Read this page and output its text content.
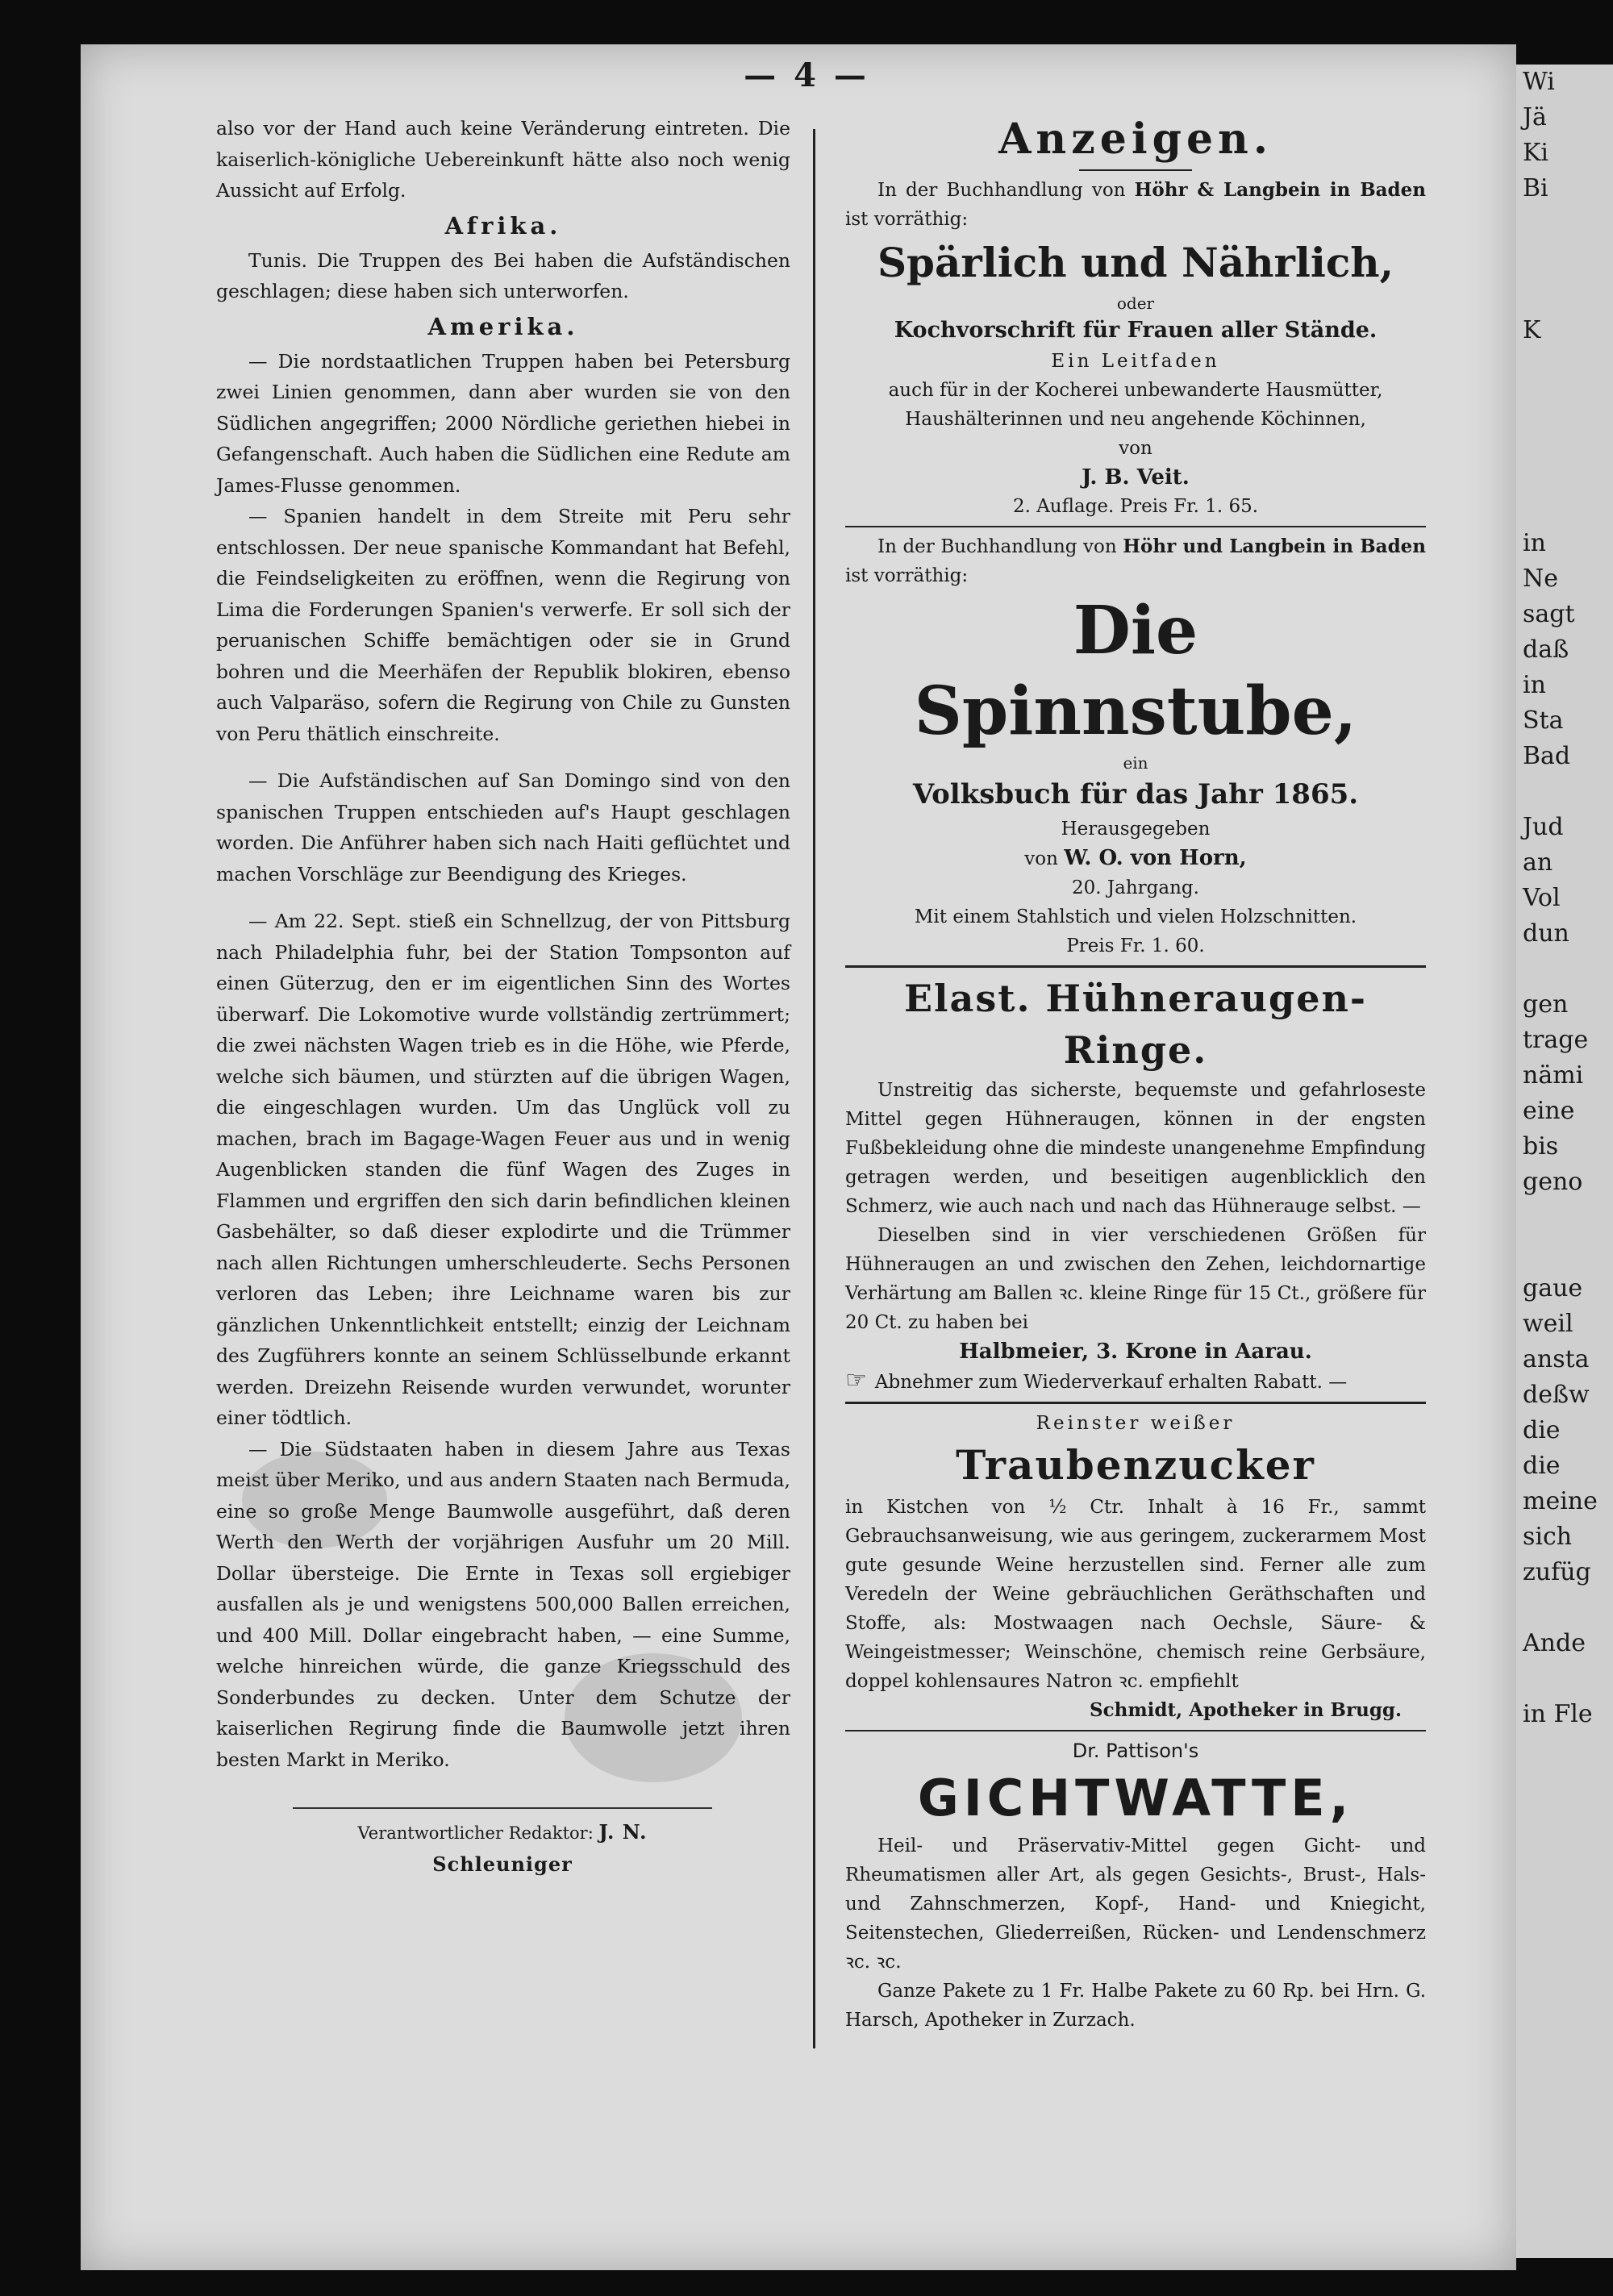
Wi
Jä
Ki
Bi

K

in
Ne
sagt
daß
in
Sta
Bad

Jud
an
Vol
dun

gen
trage
nämi
eine
bis
geno

gaue
weil
ansta
deßw
die
die
meine
sich
zufüg

Ande

in Fle
— 4 —

also vor der Hand auch keine Veränderung eintreten. Die kaiserlich-königliche Uebereinkunft hätte also noch wenig Aussicht auf Erfolg.

Afrika.

Tunis. Die Truppen des Bei haben die Aufständischen geschlagen; diese haben sich unterworfen.

Amerika.

— Die nordstaatlichen Truppen haben bei Petersburg zwei Linien genommen, dann aber wurden sie von den Südlichen angegriffen; 2000 Nördliche geriethen hiebei in Gefangenschaft. Auch haben die Südlichen eine Redute am James-Flusse genommen.

— Spanien handelt in dem Streite mit Peru sehr entschlossen. Der neue spanische Kommandant hat Befehl, die Feindseligkeiten zu eröffnen, wenn die Regirung von Lima die Forderungen Spanien's verwerfe. Er soll sich der peruanischen Schiffe bemächtigen oder sie in Grund bohren und die Meerhäfen der Republik blokiren, ebenso auch Valparäso, sofern die Regirung von Chile zu Gunsten von Peru thätlich einschreite.

— Die Aufständischen auf San Domingo sind von den spanischen Truppen entschieden auf's Haupt geschlagen worden. Die Anführer haben sich nach Haiti geflüchtet und machen Vorschläge zur Beendigung des Krieges.

— Am 22. Sept. stieß ein Schnellzug, der von Pittsburg nach Philadelphia fuhr, bei der Station Tompsonton auf einen Güterzug, den er im eigentlichen Sinn des Wortes überwarf. Die Lokomotive wurde vollständig zertrümmert; die zwei nächsten Wagen trieb es in die Höhe, wie Pferde, welche sich bäumen, und stürzten auf die übrigen Wagen, die eingeschlagen wurden. Um das Unglück voll zu machen, brach im Bagage-Wagen Feuer aus und in wenig Augenblicken standen die fünf Wagen des Zuges in Flammen und ergriffen den sich darin befindlichen kleinen Gasbehälter, so daß dieser explodirte und die Trümmer nach allen Richtungen umherschleuderte. Sechs Personen verloren das Leben; ihre Leichname waren bis zur gänzlichen Unkenntlichkeit entstellt; einzig der Leichnam des Zugführers konnte an seinem Schlüsselbunde erkannt werden. Dreizehn Reisende wurden verwundet, worunter einer tödtlich.

— Die Südstaaten haben in diesem Jahre aus Texas meist über Meriko, und aus andern Staaten nach Bermuda, eine so große Menge Baumwolle ausgeführt, daß deren Werth den Werth der vorjährigen Ausfuhr um 20 Mill. Dollar übersteige. Die Ernte in Texas soll ergiebiger ausfallen als je und wenigstens 500,000 Ballen erreichen, und 400 Mill. Dollar eingebracht haben, — eine Summe, welche hinreichen würde, die ganze Kriegsschuld des Sonderbundes zu decken. Unter dem Schutze der kaiserlichen Regirung finde die Baumwolle jetzt ihren besten Markt in Meriko.

Verantwortlicher Redaktor: J. N. Schleuniger
Anzeigen.
In der Buchhandlung von Höhr & Langbein in Baden ist vorräthig:
Spärlich und Nährlich,
oder
Kochvorschrift für Frauen aller Stände.
Ein Leitfaden
auch für in der Kocherei unbewanderte Hausmütter, Haushälterinnen und neu angehende Köchinnen,
von
J. B. Veit.
2. Auflage. Preis Fr. 1. 65.
In der Buchhandlung von Höhr und Langbein in Baden ist vorräthig:
Die Spinnstube,
ein
Volksbuch für das Jahr 1865.
Herausgegeben
von W. O. von Horn,
20. Jahrgang.
Mit einem Stahlstich und vielen Holzschnitten.
Preis Fr. 1. 60.
Elast. Hühneraugen-Ringe.
Unstreitig das sicherste, bequemste und gefahrloseste Mittel gegen Hühneraugen, können in der engsten Fußbekleidung ohne die mindeste unangenehme Empfindung getragen werden, und beseitigen augenblicklich den Schmerz, wie auch nach und nach das Hühnerauge selbst. —
Dieselben sind in vier verschiedenen Größen für Hühneraugen an und zwischen den Zehen, leichdornartige Verhärtung am Ballen ꝛc. kleine Ringe für 15 Ct., größere für 20 Ct. zu haben bei
Halbmeier, 3. Krone in Aarau.
☞ Abnehmer zum Wiederverkauf erhalten Rabatt. —
Reinster weißer
Traubenzucker
in Kistchen von ½ Ctr. Inhalt à 16 Fr., sammt Gebrauchsanweisung, wie aus geringem, zuckerarmem Most gute gesunde Weine herzustellen sind. Ferner alle zum Veredeln der Weine gebräuchlichen Geräthschaften und Stoffe, als: Mostwaagen nach Oechsle, Säure- & Weingeistmesser; Weinschöne, chemisch reine Gerbsäure, doppel kohlensaures Natron ꝛc. empfiehlt
Schmidt, Apotheker in Brugg.
Dr. Pattison's
GICHTWATTE,
Heil- und Präservativ-Mittel gegen Gicht- und Rheumatismen aller Art, als gegen Gesichts-, Brust-, Hals- und Zahnschmerzen, Kopf-, Hand- und Kniegicht, Seitenstechen, Gliederreißen, Rücken- und Lendenschmerz ꝛc. ꝛc.
Ganze Pakete zu 1 Fr. Halbe Pakete zu 60 Rp. bei Hrn. G. Harsch, Apotheker in Zurzach.
